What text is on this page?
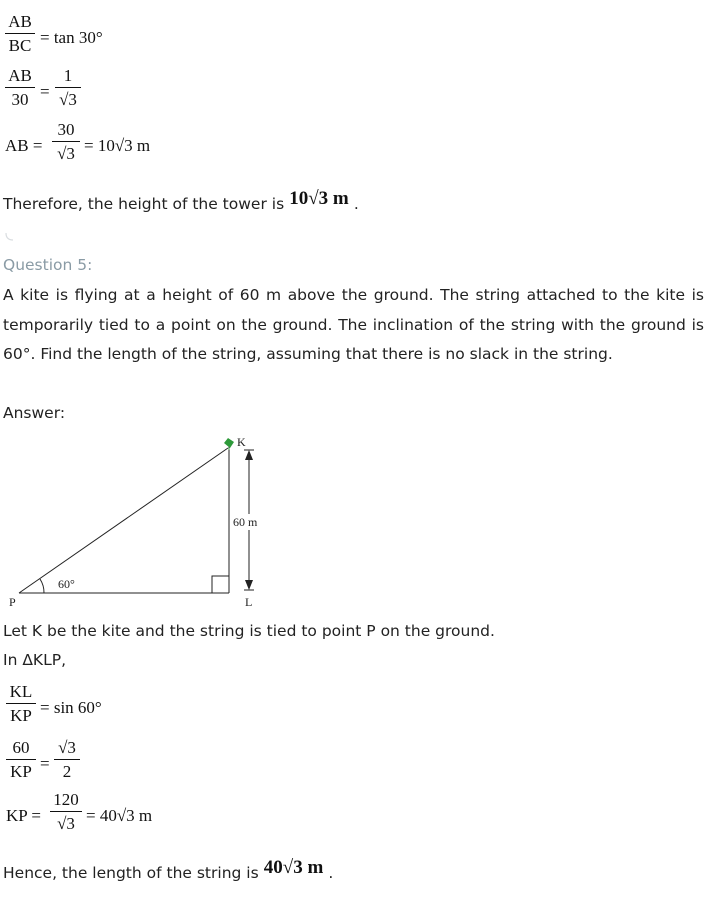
AB
BC = tan 30°
AB
30 =
1
√3
AB =
30
√3 = 10√3 m
Therefore, the height of the tower is 10√3 m .
Question 5:
A kite is flying at a height of 60 m above the ground. The string attached to the kite is temporarily tied to a point on the ground. The inclination of the string with the ground is 60°. Find the length of the string, assuming that there is no slack in the string.
Answer:
K
P	L
60 m
60°
Let K be the kite and the string is tied to point P on the ground.
In ΔKLP,
KL
KP = sin 60°
60
KP =
√3
2
KP =
120
√3 = 40√3 m
Hence, the length of the string is 40√3 m .
